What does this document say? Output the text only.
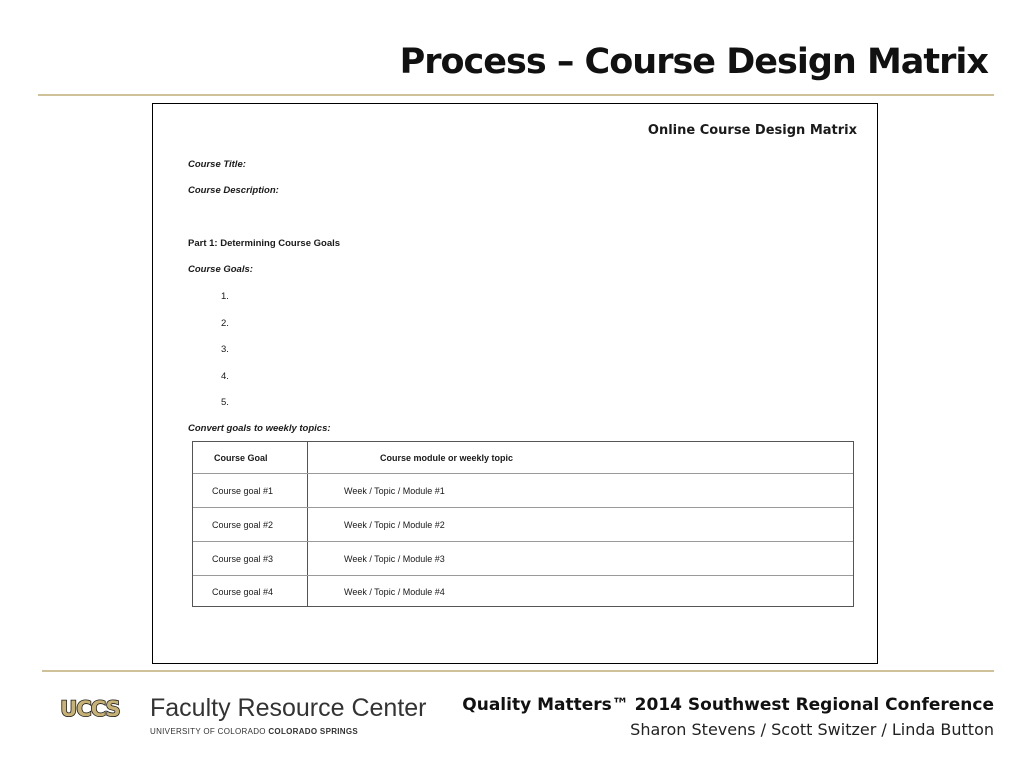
Process – Course Design Matrix
Online Course Design Matrix
Course Title:
Course Description:
Part 1: Determining Course Goals
Course Goals:
1.
2.
3.
4.
5.
Convert goals to weekly topics:
Course Goal	Course module or weekly topic
Course goal #1	Week / Topic / Module #1
Course goal #2	Week / Topic / Module #2
Course goal #3	Week / Topic / Module #3
Course goal #4	Week / Topic / Module #4
UCCS Faculty Resource Center
UNIVERSITY OF COLORADO COLORADO SPRINGS
Quality Matters™ 2014 Southwest Regional Conference
Sharon Stevens / Scott Switzer / Linda Button
